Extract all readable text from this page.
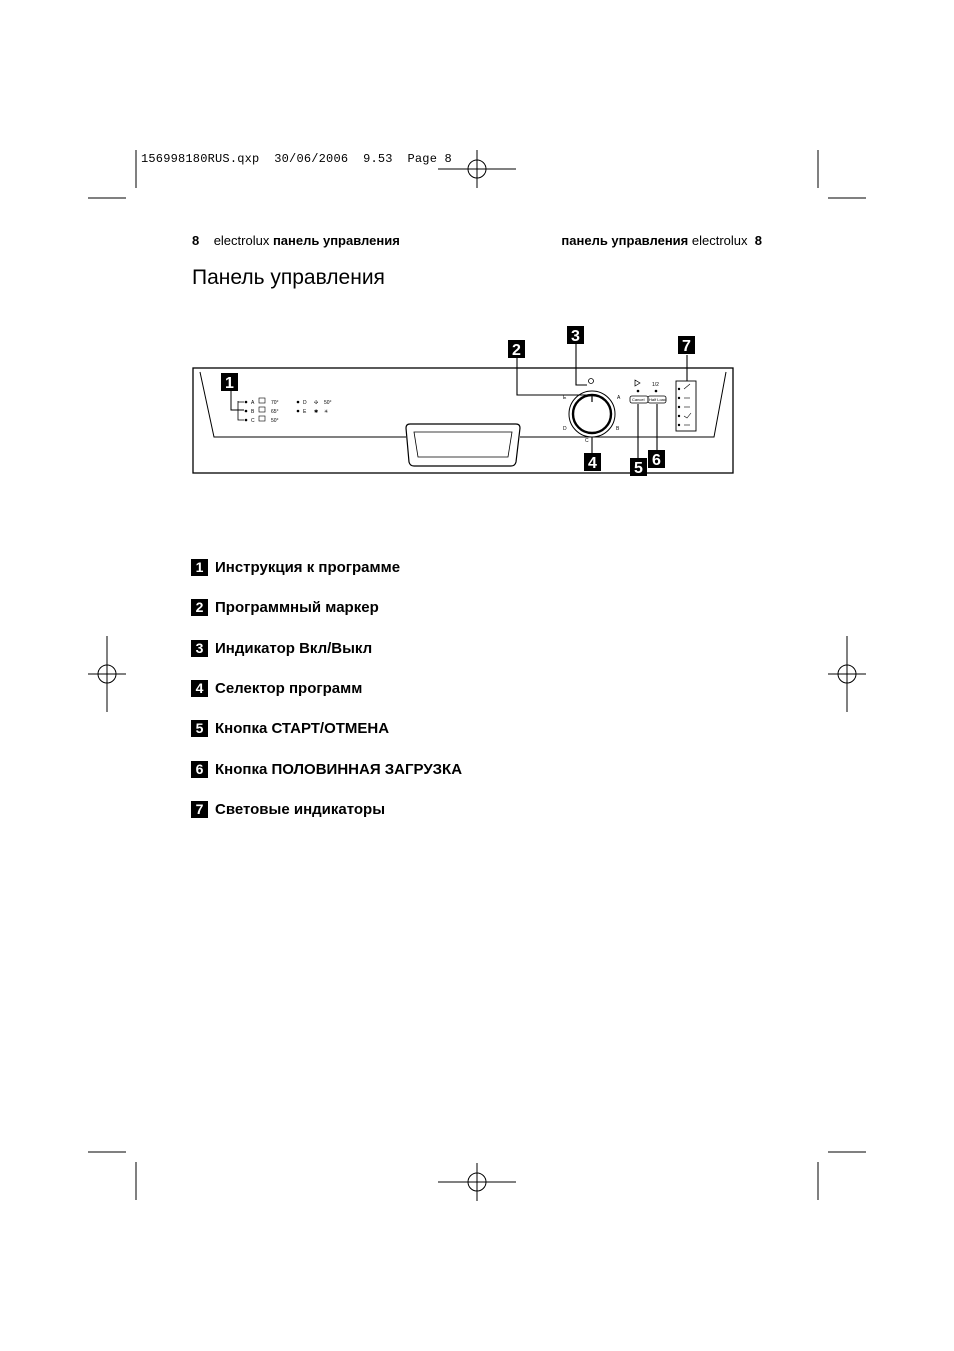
156998180RUS.qxp 30/06/2006 9.53 Page 8
8 electrolux панель управления	панель управления electrolux 8
Панель управления
A
B
C
70°
65°
50°
D
E
✣ 50°
✱ ✳
E	A
D	B
C
Cancel
1/2
Half Load
1
2
3
4 5 6
7
1 Инструкция к программе
2 Программный маркер
3 Индикатор Вкл/Выкл
4 Селектор программ
5 Кнопка СТАРТ/ОТМЕНА
6 Кнопка ПОЛОВИННАЯ ЗАГРУЗКА
7 Световые индикаторы
